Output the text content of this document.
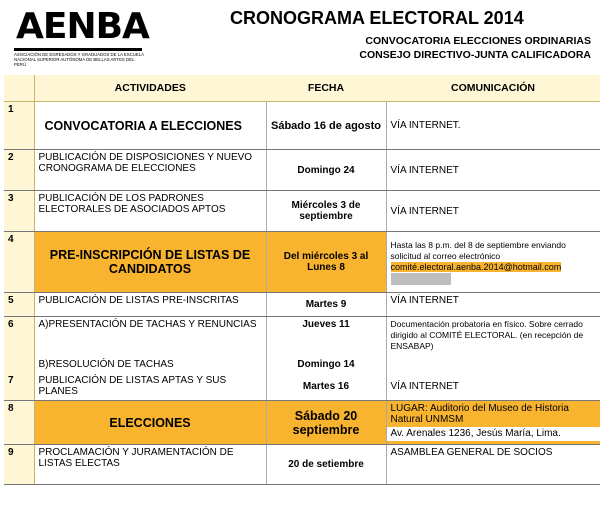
AENBA
ASOCIACIÓN DE EGRESADOS Y GRADUADOS DE LA ESCUELA NACIONAL SUPERIOR AUTÓNOMA DE BELLAS ARTES DEL PERÚ
CRONOGRAMA ELECTORAL 2014
CONVOCATORIA ELECCIONES ORDINARIAS
CONSEJO DIRECTIVO-JUNTA CALIFICADORA
	ACTIVIDADES	FECHA	COMUNICACIÓN
1	CONVOCATORIA A ELECCIONES	Sábado 16 de agosto	VÍA INTERNET.
2	PUBLICACIÓN DE DISPOSICIONES Y NUEVO CRONOGRAMA DE ELECCIONES	Domingo 24	VÍA INTERNET
3	PUBLICACIÓN DE LOS PADRONES ELECTORALES DE ASOCIADOS APTOS	Miércoles 3 de septiembre	VÍA INTERNET
4	PRE-INSCRIPCIÓN DE LISTAS DE CANDIDATOS	Del miércoles 3 al Lunes 8	Hasta las 8 p.m. del 8 de septiembre enviando solicitud al correo electrónico
comité.electoral.aenba.2014@hotmail.com
5	PUBLICACIÓN DE LISTAS PRE-INSCRITAS	Martes 9	VÍA INTERNET
6	A)PRESENTACIÓN DE TACHAS Y RENUNCIAS	Jueves 11	Documentación probatoria en físico. Sobre cerrado dirigido al COMITÉ ELECTORAL. (en recepción de ENSABAP)
	B)RESOLUCIÓN DE TACHAS	Domingo 14	
7	PUBLICACIÓN DE LISTAS APTAS Y SUS PLANES	Martes 16	VÍA INTERNET
8	ELECCIONES	Sábado 20 septiembre	LUGAR: Auditorio del Museo de Historia Natural UNMSM
Av. Arenales 1236, Jesús María, Lima.

9	PROCLAMACIÓN Y JURAMENTACIÓN DE LISTAS ELECTAS	20 de setiembre	ASAMBLEA GENERAL DE SOCIOS
